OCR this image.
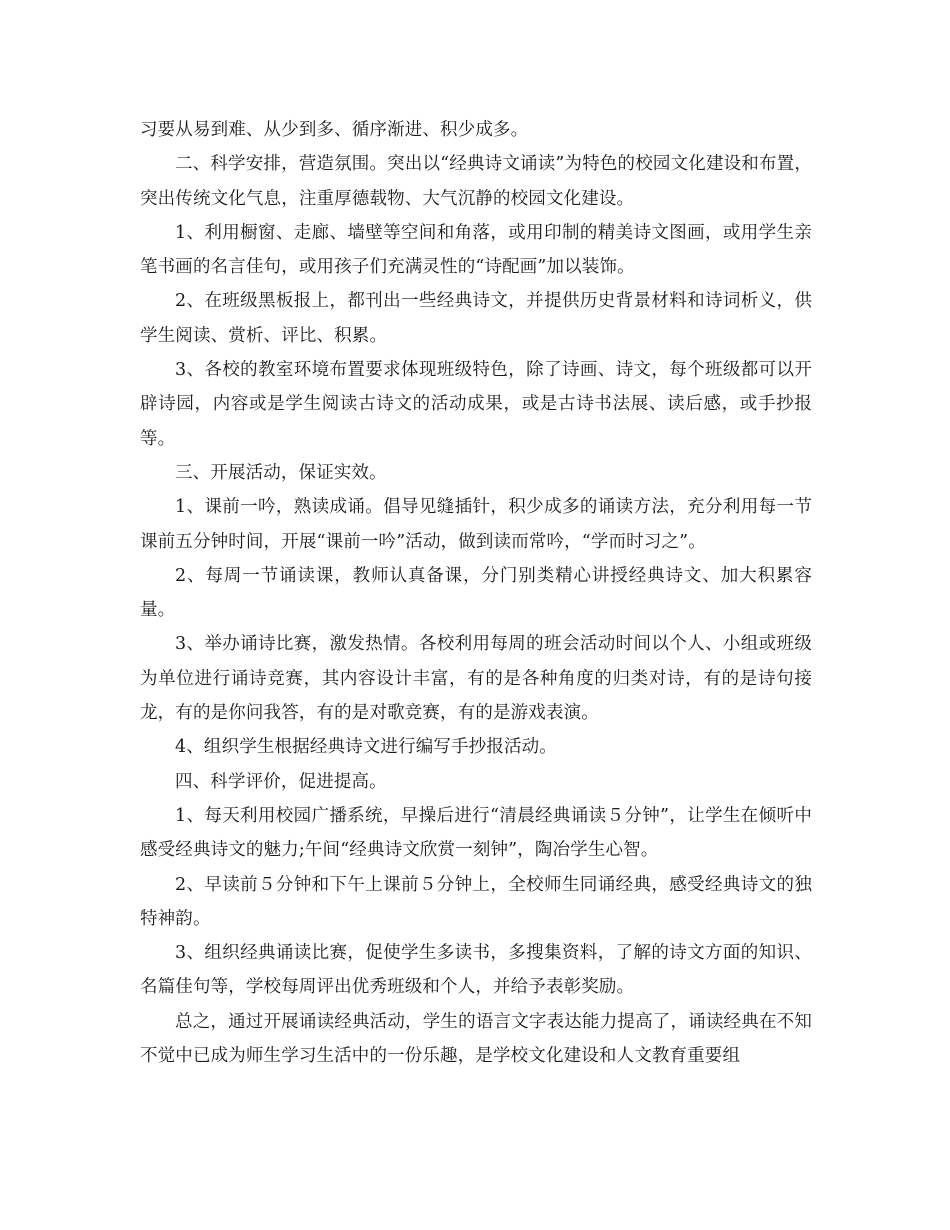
习要从易到难、从少到多、循序渐进、积少成多。

二、科学安排，营造氛围。突出以“经典诗文诵读”为特色的校园文化建设和布置，突出传统文化气息，注重厚德载物、大气沉静的校园文化建设。

1、利用橱窗、走廊、墙壁等空间和角落，或用印制的精美诗文图画，或用学生亲笔书画的名言佳句，或用孩子们充满灵性的“诗配画”加以装饰。

2、在班级黑板报上，都刊出一些经典诗文，并提供历史背景材料和诗词析义，供学生阅读、赏析、评比、积累。

3、各校的教室环境布置要求体现班级特色，除了诗画、诗文，每个班级都可以开辟诗园，内容或是学生阅读古诗文的活动成果，或是古诗书法展、读后感，或手抄报等。

三、开展活动，保证实效。

1、课前一吟，熟读成诵。倡导见缝插针，积少成多的诵读方法，充分利用每一节课前五分钟时间，开展“课前一吟”活动，做到读而常吟，“学而时习之”。

2、每周一节诵读课，教师认真备课，分门别类精心讲授经典诗文、加大积累容量。

3、举办诵诗比赛，激发热情。各校利用每周的班会活动时间以个人、小组或班级为单位进行诵诗竞赛，其内容设计丰富，有的是各种角度的归类对诗，有的是诗句接龙，有的是你问我答，有的是对歌竞赛，有的是游戏表演。

4、组织学生根据经典诗文进行编写手抄报活动。

四、科学评价，促进提高。

1、每天利用校园广播系统，早操后进行“清晨经典诵读５分钟”，让学生在倾听中感受经典诗文的魅力;午间“经典诗文欣赏一刻钟”，陶冶学生心智。

2、早读前５分钟和下午上课前５分钟上，全校师生同诵经典，感受经典诗文的独特神韵。

3、组织经典诵读比赛，促使学生多读书，多搜集资料，了解的诗文方面的知识、名篇佳句等，学校每周评出优秀班级和个人，并给予表彰奖励。

总之，通过开展诵读经典活动，学生的语言文字表达能力提高了，诵读经典在不知不觉中已成为师生学习生活中的一份乐趣，是学校文化建设和人文教育重要组
